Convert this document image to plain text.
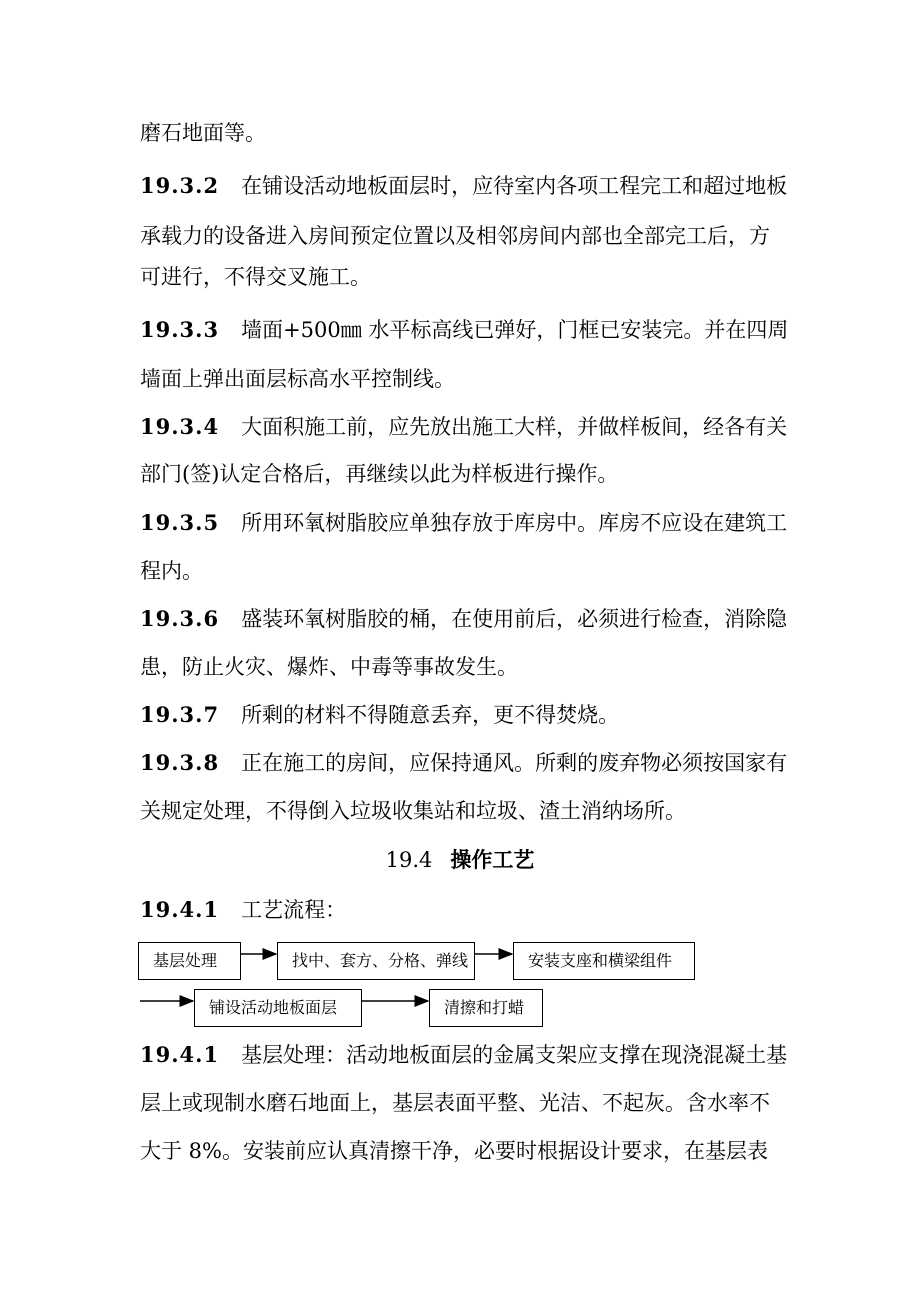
磨石地面等。
19.3.2 在铺设活动地板面层时，应待室内各项工程完工和超过地板
承载力的设备进入房间预定位置以及相邻房间内部也全部完工后，方
可进行，不得交叉施工。
19.3.3 墙面+500㎜ 水平标高线已弹好，门框已安装完。并在四周
墙面上弹出面层标高水平控制线。
19.3.4 大面积施工前，应先放出施工大样，并做样板间，经各有关
部门(签)认定合格后，再继续以此为样板进行操作。
19.3.5 所用环氧树脂胶应单独存放于库房中。库房不应设在建筑工
程内。
19.3.6 盛装环氧树脂胶的桶，在使用前后，必须进行检查，消除隐
患，防止火灾、爆炸、中毒等事故发生。
19.3.7 所剩的材料不得随意丢弃，更不得焚烧。
19.3.8 正在施工的房间，应保持通风。所剩的废弃物必须按国家有
关规定处理，不得倒入垃圾收集站和垃圾、渣土消纳场所。
19.4 操作工艺
19.4.1 工艺流程：
基层处理	找中、套方、分格、弹线	安装支座和横梁组件
铺设活动地板面层	清擦和打蜡
19.4.1 基层处理：活动地板面层的金属支架应支撑在现浇混凝土基
层上或现制水磨石地面上，基层表面平整、光洁、不起灰。含水率不
大于 8%。安装前应认真清擦干净，必要时根据设计要求，在基层表
